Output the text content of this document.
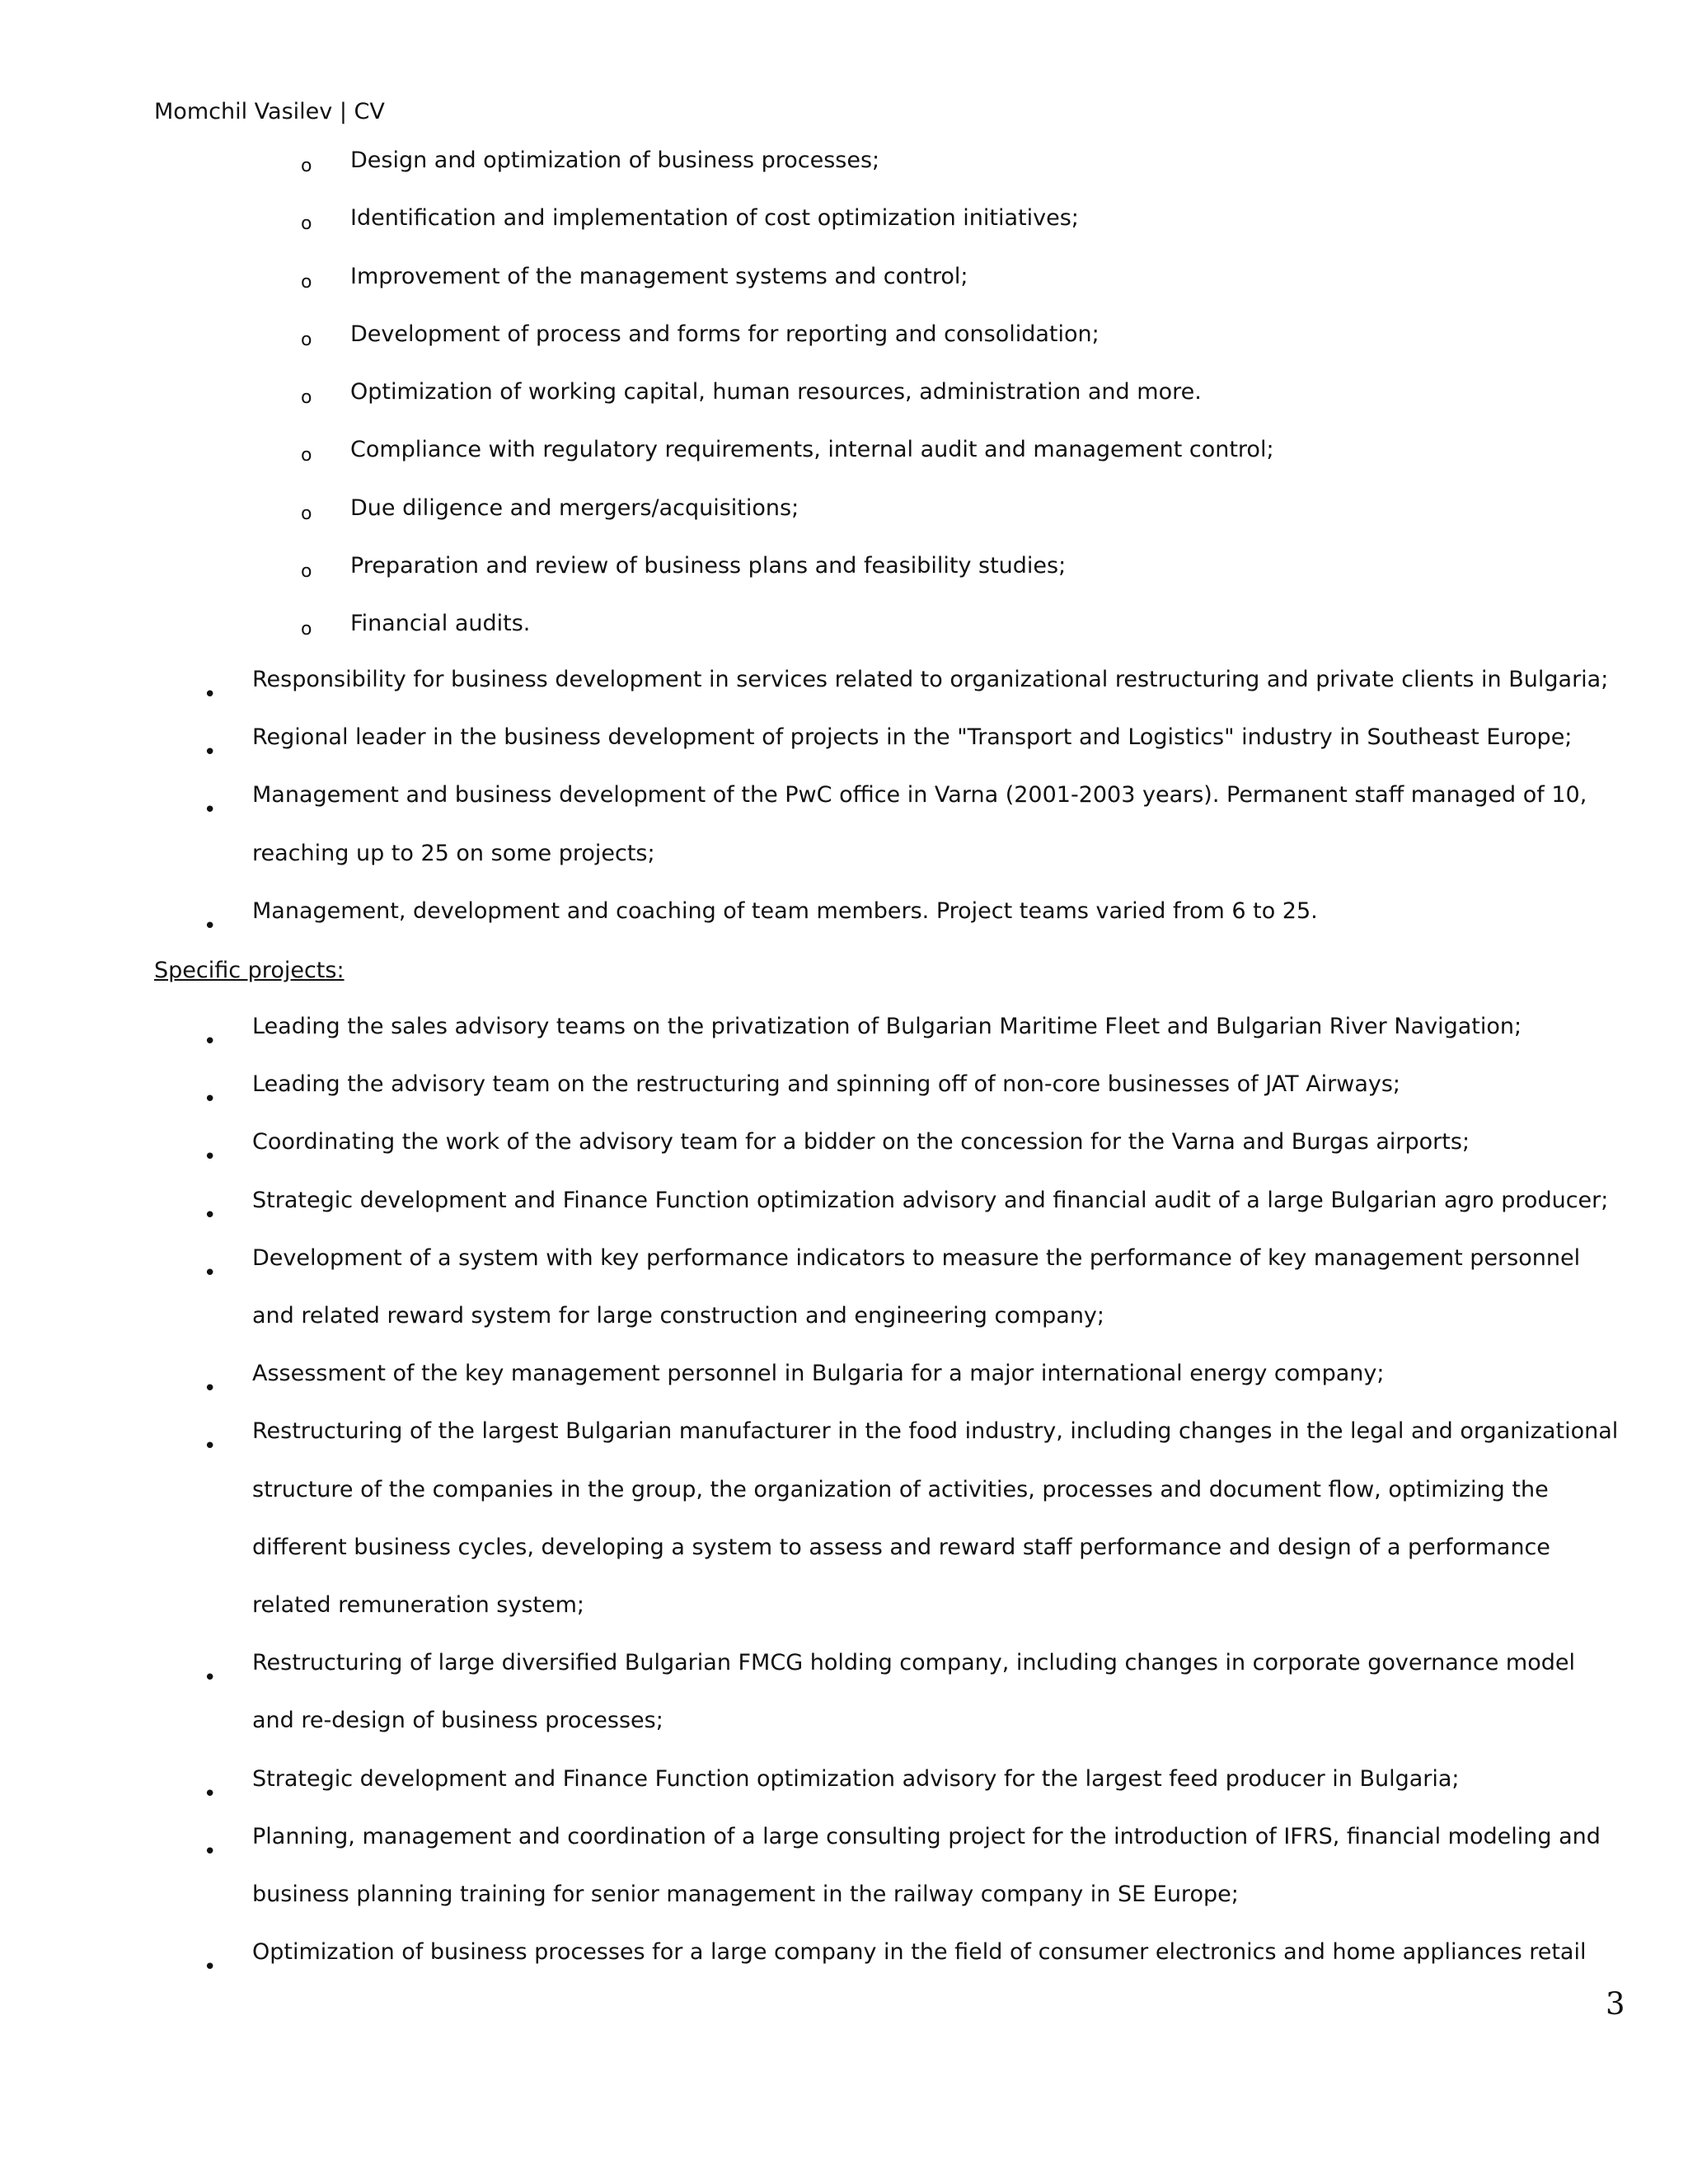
Momchil Vasilev | CV
o Design and optimization of business processes;
o Identification and implementation of cost optimization initiatives;
o Improvement of the management systems and control;
o Development of process and forms for reporting and consolidation;
o Optimization of working capital, human resources, administration and more.
o Compliance with regulatory requirements, internal audit and management control;
o Due diligence and mergers/acquisitions;
o Preparation and review of business plans and feasibility studies;
o Financial audits.
•
Responsibility for business development in services related to organizational restructuring and private clients in Bulgaria;
•
Regional leader in the business development of projects in the "Transport and Logistics" industry in Southeast Europe;
•
Management and business development of the PwC office in Varna (2001-2003 years). Permanent staff managed of 10, reaching up to 25 on some projects;
•
Management, development and coaching of team members. Project teams varied from 6 to 25.
Specific projects:
•
Leading the sales advisory teams on the privatization of Bulgarian Maritime Fleet and Bulgarian River Navigation;
•
Leading the advisory team on the restructuring and spinning off of non-core businesses of JAT Airways;
•
Coordinating the work of the advisory team for a bidder on the concession for the Varna and Burgas airports;
•
Strategic development and Finance Function optimization advisory and financial audit of a large Bulgarian agro producer;
•
Development of a system with key performance indicators to measure the performance of key management personnel and related reward system for large construction and engineering company;
•
Assessment of the key management personnel in Bulgaria for a major international energy company;
•
Restructuring of the largest Bulgarian manufacturer in the food industry, including changes in the legal and organizational structure of the companies in the group, the organization of activities, processes and document flow, optimizing the different business cycles, developing a system to assess and reward staff performance and design of a performance related remuneration system;
•
Restructuring of large diversified Bulgarian FMCG holding company, including changes in corporate governance model and re-design of business processes;
•
Strategic development and Finance Function optimization advisory for the largest feed producer in Bulgaria;
•
Planning, management and coordination of a large consulting project for the introduction of IFRS, financial modeling and business planning training for senior management in the railway company in SE Europe;
•
Optimization of business processes for a large company in the field of consumer electronics and home appliances retail
3
